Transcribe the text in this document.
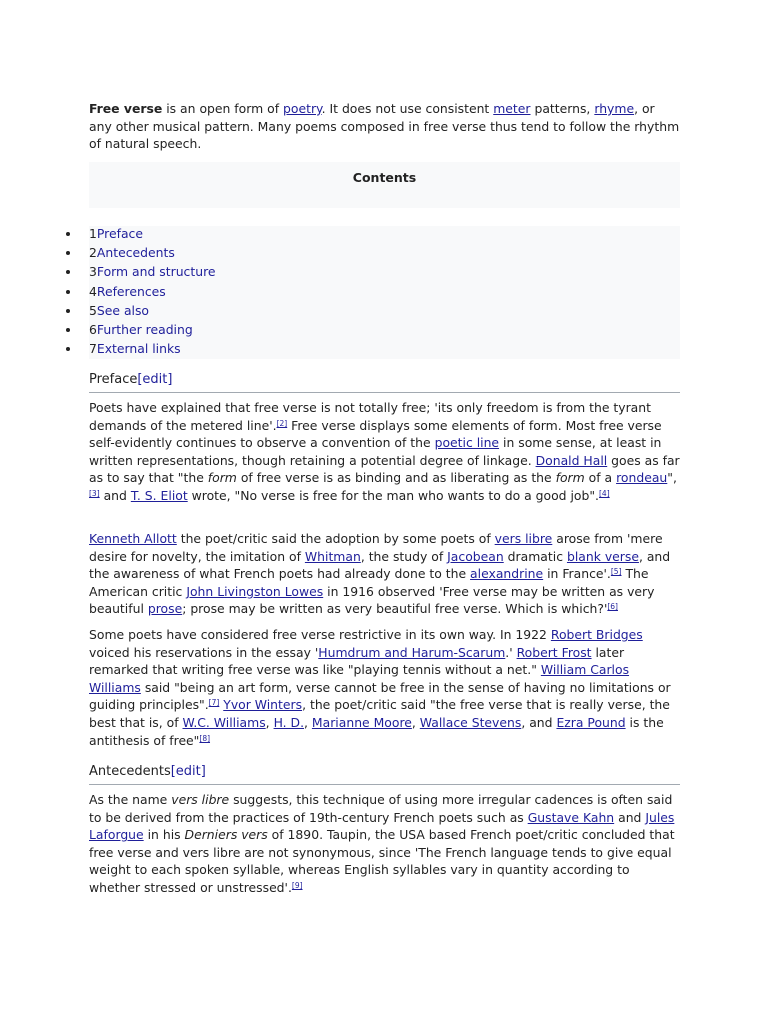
Free verse is an open form of poetry. It does not use consistent meter patterns, rhyme, or any other musical pattern. Many poems composed in free verse thus tend to follow the rhythm of natural speech.

Contents
1Preface
2Antecedents
3Form and structure
4References
5See also
6Further reading
7External links
Preface[edit]

Poets have explained that free verse is not totally free; 'its only freedom is from the tyrant demands of the metered line'.[2] Free verse displays some elements of form. Most free verse self-evidently continues to observe a convention of the poetic line in some sense, at least in written representations, though retaining a potential degree of linkage. Donald Hall goes as far as to say that "the form of free verse is as binding and as liberating as the form of a rondeau",[3] and T. S. Eliot wrote, "No verse is free for the man who wants to do a good job".[4]

Kenneth Allott the poet/critic said the adoption by some poets of vers libre arose from 'mere desire for novelty, the imitation of Whitman, the study of Jacobean dramatic blank verse, and the awareness of what French poets had already done to the alexandrine in France'.[5] The American critic John Livingston Lowes in 1916 observed 'Free verse may be written as very beautiful prose; prose may be written as very beautiful free verse. Which is which?'[6]

Some poets have considered free verse restrictive in its own way. In 1922 Robert Bridges voiced his reservations in the essay 'Humdrum and Harum-Scarum.' Robert Frost later remarked that writing free verse was like "playing tennis without a net." William Carlos Williams said "being an art form, verse cannot be free in the sense of having no limitations or guiding principles".[7] Yvor Winters, the poet/critic said "the free verse that is really verse, the best that is, of W.C. Williams, H. D., Marianne Moore, Wallace Stevens, and Ezra Pound is the antithesis of free"[8]

Antecedents[edit]

As the name vers libre suggests, this technique of using more irregular cadences is often said to be derived from the practices of 19th-century French poets such as Gustave Kahn and Jules Laforgue in his Derniers vers of 1890. Taupin, the USA based French poet/critic concluded that free verse and vers libre are not synonymous, since 'The French language tends to give equal weight to each spoken syllable, whereas English syllables vary in quantity according to whether stressed or unstressed'.[9]
